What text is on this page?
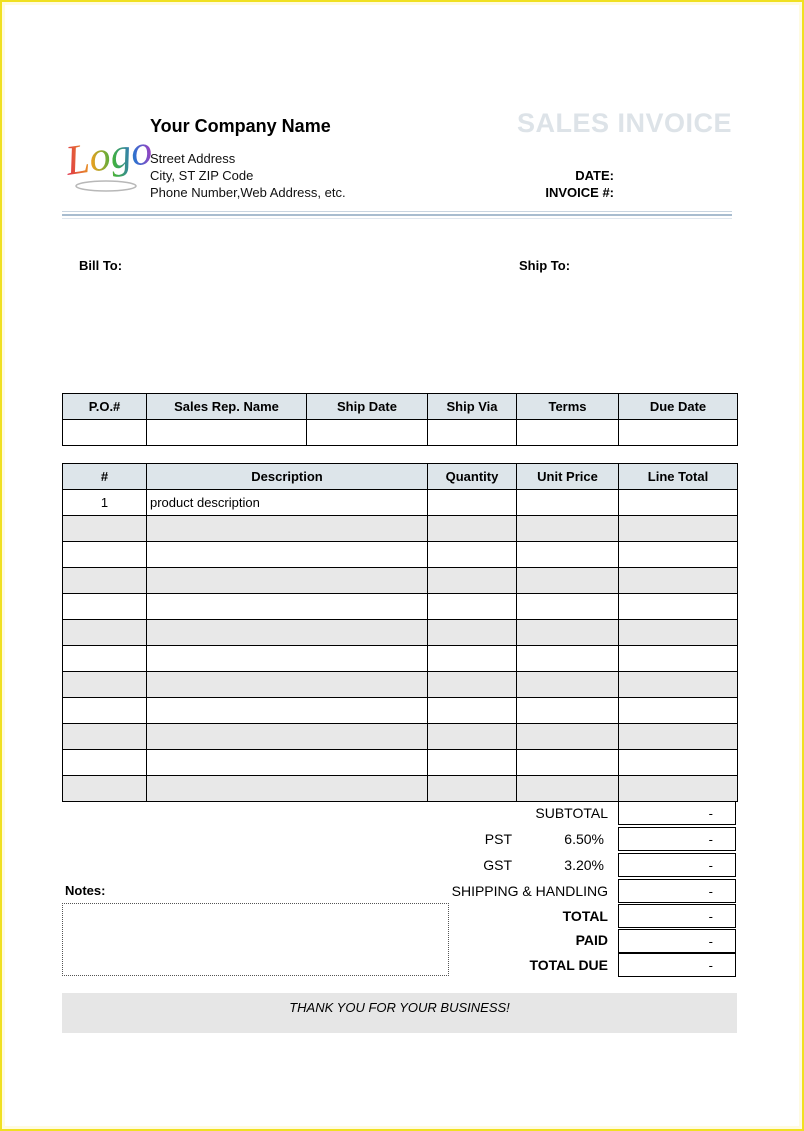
Logo
Your Company Name
Street Address
City, ST ZIP Code
Phone Number,Web Address, etc.
SALES INVOICE
DATE:
INVOICE #:
Bill To:	Ship To:
P.O.#	Sales Rep. Name	Ship Date	Ship Via	Terms	Due Date

#	Description	Quantity	Unit Price	Line Total
1	product description			

SUBTOTAL	-
PST	6.50%	-
GST	3.20%	-
SHIPPING & HANDLING	-
TOTAL	-
PAID	-
TOTAL DUE	-
Notes:
THANK YOU FOR YOUR BUSINESS!
